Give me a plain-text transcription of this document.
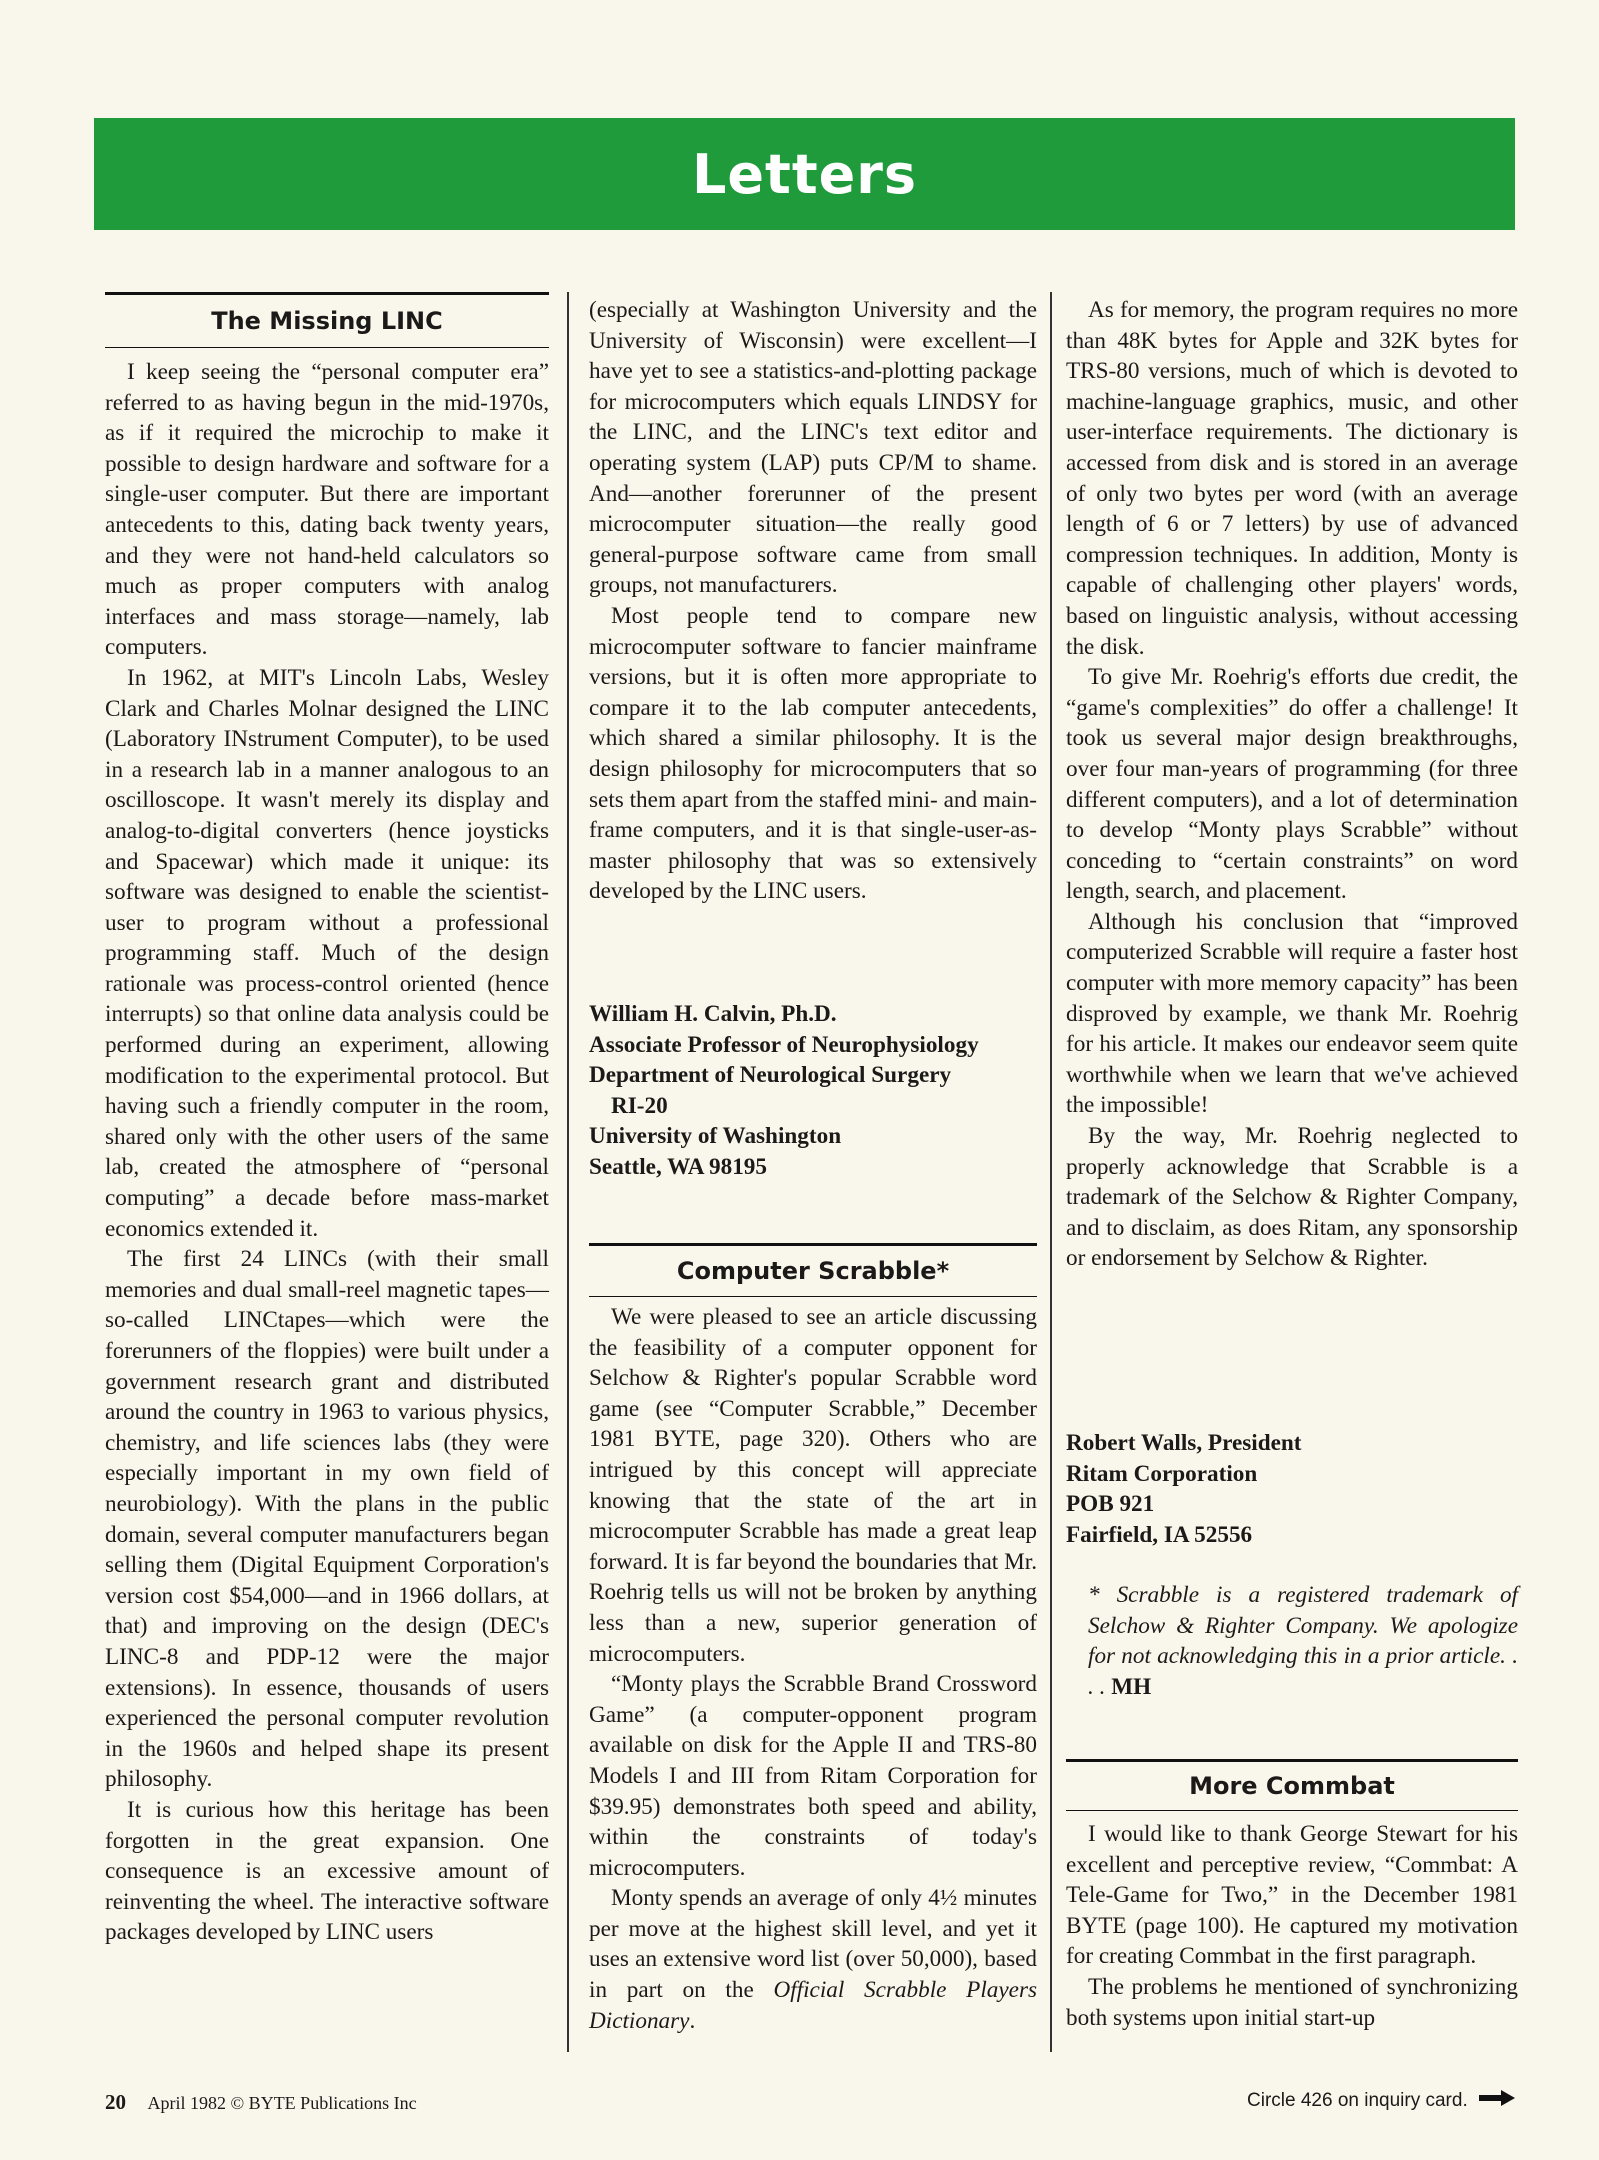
Letters
The Missing LINC

I keep seeing the “personal computer era” referred to as having begun in the mid-1970s, as if it required the microchip to make it possible to design hardware and software for a single-user computer. But there are important antecedents to this, dating back twenty years, and they were not hand-held calculators so much as proper computers with analog interfaces and mass storage—namely, lab computers.

In 1962, at MIT's Lincoln Labs, Wesley Clark and Charles Molnar designed the LINC (Laboratory INstrument Computer), to be used in a research lab in a manner analogous to an oscilloscope. It wasn't merely its display and analog-to-digital converters (hence joysticks and Spacewar) which made it unique: its software was designed to enable the scientist-user to program without a professional programming staff. Much of the design rationale was process-control oriented (hence interrupts) so that online data analysis could be performed during an experiment, allowing modification to the experimental protocol. But having such a friendly computer in the room, shared only with the other users of the same lab, created the atmosphere of “personal computing” a decade before mass-market economics extended it.

The first 24 LINCs (with their small memories and dual small-reel magnetic tapes—so-called LINCtapes—which were the forerunners of the floppies) were built under a government research grant and distributed around the country in 1963 to various physics, chemistry, and life sciences labs (they were especially important in my own field of neurobiology). With the plans in the public domain, several computer manufacturers began selling them (Digital Equipment Corporation's version cost $54,000—and in 1966 dollars, at that) and improving on the design (DEC's LINC-8 and PDP-12 were the major extensions). In essence, thousands of users experienced the personal computer revolution in the 1960s and helped shape its present philosophy.

It is curious how this heritage has been forgotten in the great expansion. One consequence is an excessive amount of reinventing the wheel. The interactive software packages developed by LINC users

(especially at Washington University and the University of Wisconsin) were excellent—I have yet to see a statistics-and-plotting package for microcomputers which equals LINDSY for the LINC, and the LINC's text editor and operating system (LAP) puts CP/M to shame. And—another forerunner of the present microcomputer situation—the really good general-purpose software came from small groups, not manufacturers.

Most people tend to compare new microcomputer software to fancier mainframe versions, but it is often more appropriate to compare it to the lab computer antecedents, which shared a similar philosophy. It is the design philosophy for microcomputers that so sets them apart from the staffed mini- and main-frame computers, and it is that single-user-as-master philosophy that was so extensively developed by the LINC users.

William H. Calvin, Ph.D.
Associate Professor of Neurophysiology
Department of Neurological Surgery
RI-20
University of Washington
Seattle, WA 98195
Computer Scrabble*

We were pleased to see an article discussing the feasibility of a computer opponent for Selchow & Righter's popular Scrabble word game (see “Computer Scrabble,” December 1981 BYTE, page 320). Others who are intrigued by this concept will appreciate knowing that the state of the art in microcomputer Scrabble has made a great leap forward. It is far beyond the boundaries that Mr. Roehrig tells us will not be broken by anything less than a new, superior generation of microcomputers.

“Monty plays the Scrabble Brand Crossword Game” (a computer-opponent program available on disk for the Apple II and TRS-80 Models I and III from Ritam Corporation for $39.95) demonstrates both speed and ability, within the constraints of today's microcomputers.

Monty spends an average of only 4½ minutes per move at the highest skill level, and yet it uses an extensive word list (over 50,000), based in part on the Official Scrabble Players Dictionary.

As for memory, the program requires no more than 48K bytes for Apple and 32K bytes for TRS-80 versions, much of which is devoted to machine-language graphics, music, and other user-interface requirements. The dictionary is accessed from disk and is stored in an average of only two bytes per word (with an average length of 6 or 7 letters) by use of advanced compression techniques. In addition, Monty is capable of challenging other players' words, based on linguistic analysis, without accessing the disk.

To give Mr. Roehrig's efforts due credit, the “game's complexities” do offer a challenge! It took us several major design breakthroughs, over four man-years of programming (for three different computers), and a lot of determination to develop “Monty plays Scrabble” without conceding to “certain constraints” on word length, search, and placement.

Although his conclusion that “improved computerized Scrabble will require a faster host computer with more memory capacity” has been disproved by example, we thank Mr. Roehrig for his article. It makes our endeavor seem quite worthwhile when we learn that we've achieved the impossible!

By the way, Mr. Roehrig neglected to properly acknowledge that Scrabble is a trademark of the Selchow & Righter Company, and to disclaim, as does Ritam, any sponsorship or endorsement by Selchow & Righter.

Robert Walls, President
Ritam Corporation
POB 921
Fairfield, IA 52556
* Scrabble is a registered trademark of Selchow & Righter Company. We apologize for not acknowledging this in a prior article. . . . MH
More Commbat

I would like to thank George Stewart for his excellent and perceptive review, “Commbat: A Tele-Game for Two,” in the December 1981 BYTE (page 100). He captured my motivation for creating Commbat in the first paragraph.

The problems he mentioned of synchronizing both systems upon initial start-up

20 April 1982 © BYTE Publications Inc	Circle 426 on inquiry card.
